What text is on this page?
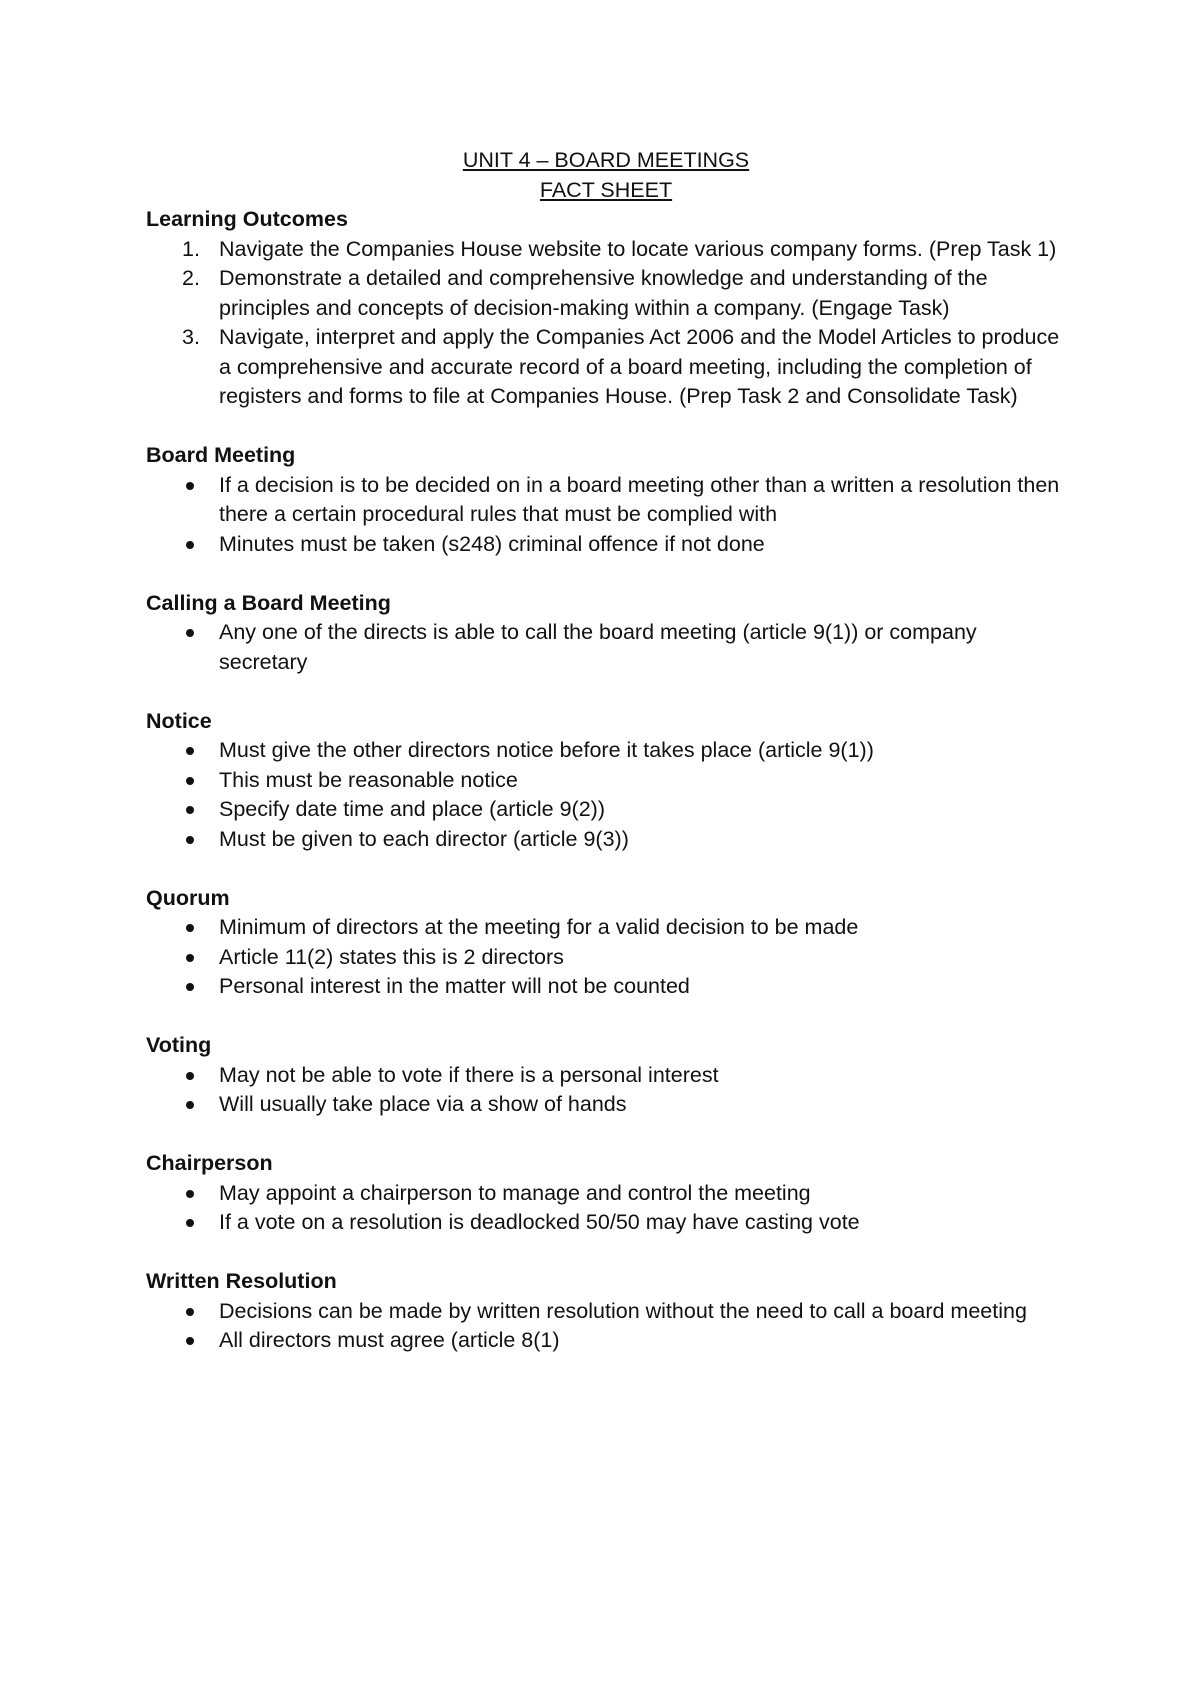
UNIT 4 – BOARD MEETINGS
FACT SHEET
Learning Outcomes
1. Navigate the Companies House website to locate various company forms. (Prep Task 1)
2. Demonstrate a detailed and comprehensive knowledge and understanding of the principles and concepts of decision-making within a company. (Engage Task)
3. Navigate, interpret and apply the Companies Act 2006 and the Model Articles to produce a comprehensive and accurate record of a board meeting, including the completion of registers and forms to file at Companies House. (Prep Task 2 and Consolidate Task)
Board Meeting
If a decision is to be decided on in a board meeting other than a written a resolution then there a certain procedural rules that must be complied with
Minutes must be taken (s248) criminal offence if not done
Calling a Board Meeting
Any one of the directs is able to call the board meeting (article 9(1)) or company secretary
Notice
Must give the other directors notice before it takes place (article 9(1))
This must be reasonable notice
Specify date time and place (article 9(2))
Must be given to each director (article 9(3))
Quorum
Minimum of directors at the meeting for a valid decision to be made
Article 11(2) states this is 2 directors
Personal interest in the matter will not be counted
Voting
May not be able to vote if there is a personal interest
Will usually take place via a show of hands
Chairperson
May appoint a chairperson to manage and control the meeting
If a vote on a resolution is deadlocked 50/50 may have casting vote
Written Resolution
Decisions can be made by written resolution without the need to call a board meeting
All directors must agree (article 8(1)
